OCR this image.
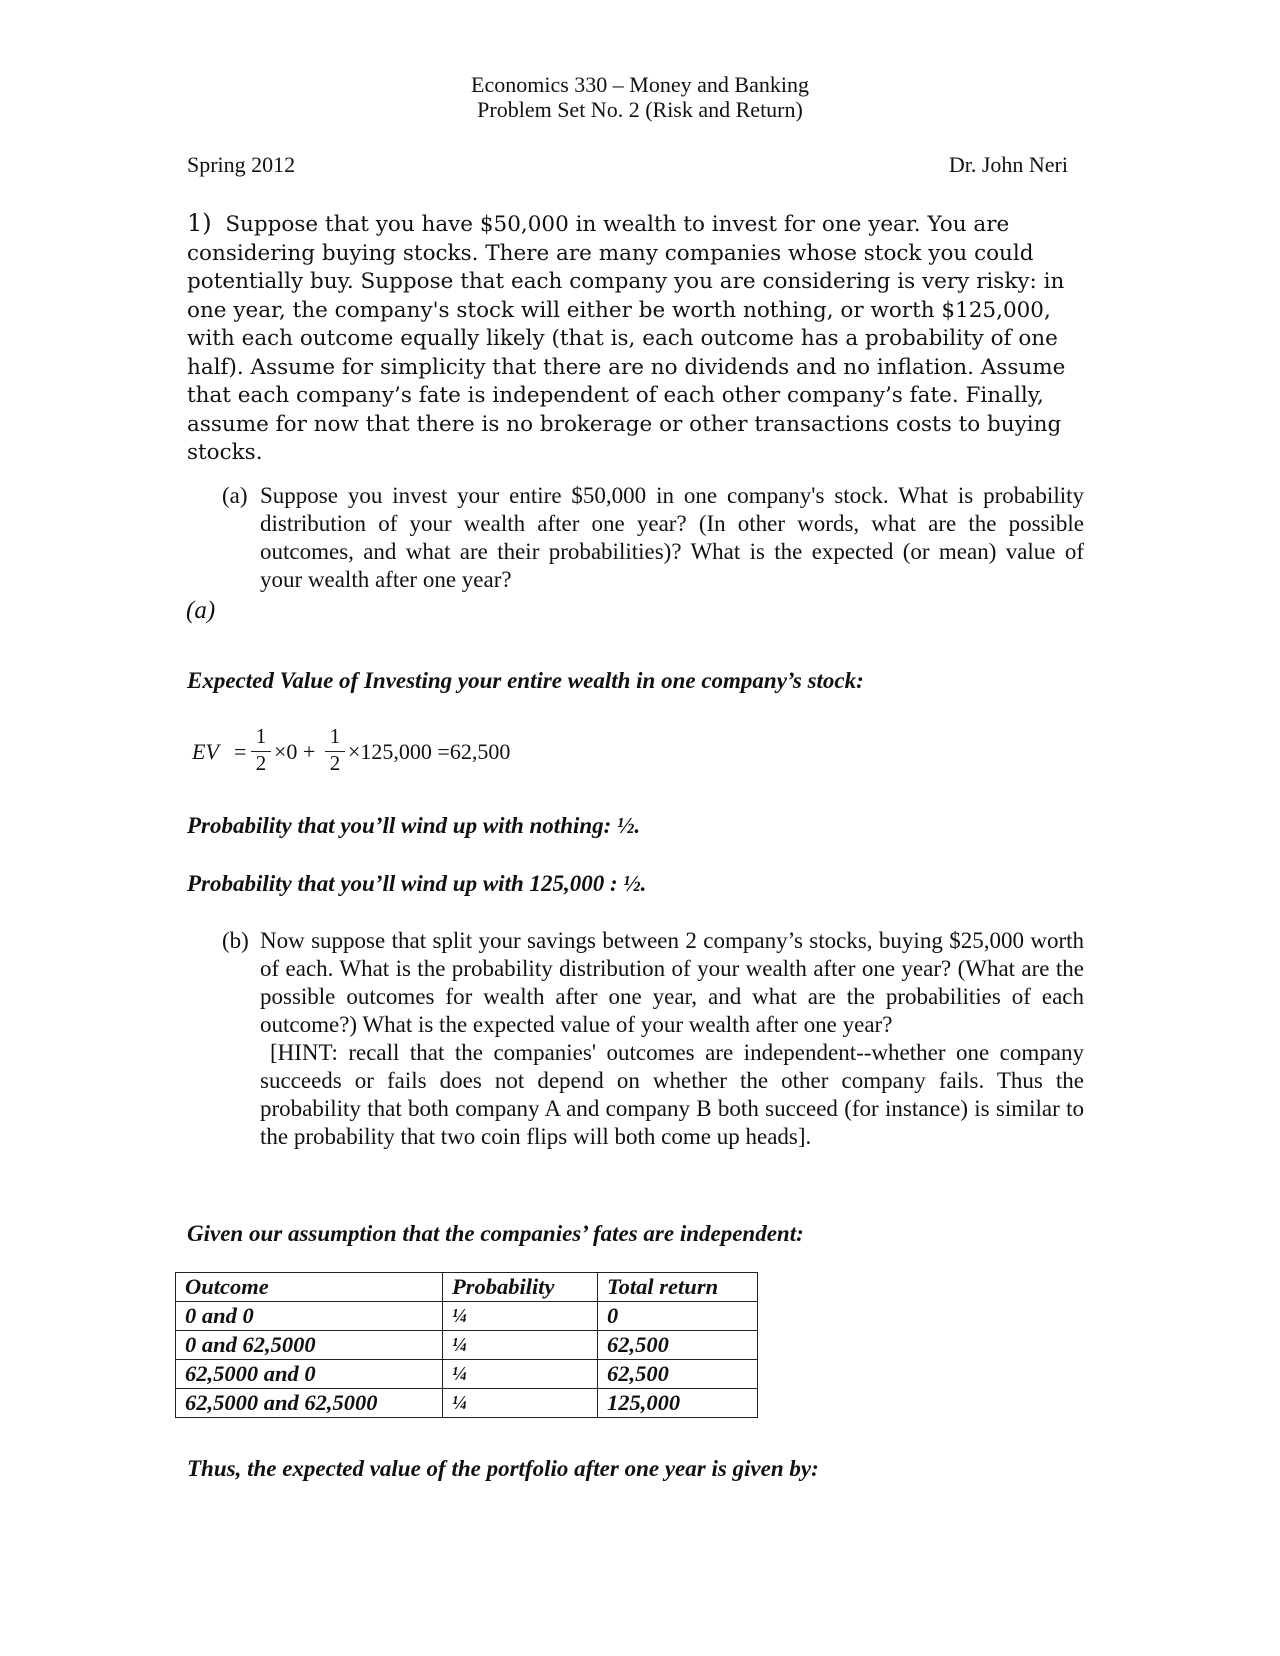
Economics 330 – Money and Banking

Problem Set No. 2 (Risk and Return)

Spring 2012	Dr. John Neri

1) Suppose that you have $50,000 in wealth to invest for one year. You are considering buying stocks. There are many companies whose stock you could potentially buy. Suppose that each company you are considering is very risky: in one year, the company's stock will either be worth nothing, or worth $125,000, with each outcome equally likely (that is, each outcome has a probability of one half). Assume for simplicity that there are no dividends and no inflation. Assume that each company’s fate is independent of each other company’s fate. Finally, assume for now that there is no brokerage or other transactions costs to buying stocks.
(a) Suppose you invest your entire $50,000 in one company's stock. What is probability distribution of your wealth after one year? (In other words, what are the possible outcomes, and what are their probabilities)? What is the expected (or mean) value of your wealth after one year?

(a)

Expected Value of Investing your entire wealth in one company’s stock:

EV =
1
2 ×0 +
1
2 ×125,000 =62,500

Probability that you’ll wind up with nothing: ½.

Probability that you’ll wind up with 125,000 : ½.

(b) Now suppose that split your savings between 2 company’s stocks, buying $25,000 worth of each. What is the probability distribution of your wealth after one year? (What are the possible outcomes for wealth after one year, and what are the probabilities of each outcome?) What is the expected value of your wealth after one year?
[HINT: recall that the companies' outcomes are independent--whether one company succeeds or fails does not depend on whether the other company fails. Thus the probability that both company A and company B both succeed (for instance) is similar to the probability that two coin flips will both come up heads].

Given our assumption that the companies’ fates are independent:

Outcome	Probability	Total return
0 and 0	¼	0
0 and 62,5000	¼	62,500
62,5000 and 0	¼	62,500
62,5000 and 62,5000	¼	125,000

Thus, the expected value of the portfolio after one year is given by:
